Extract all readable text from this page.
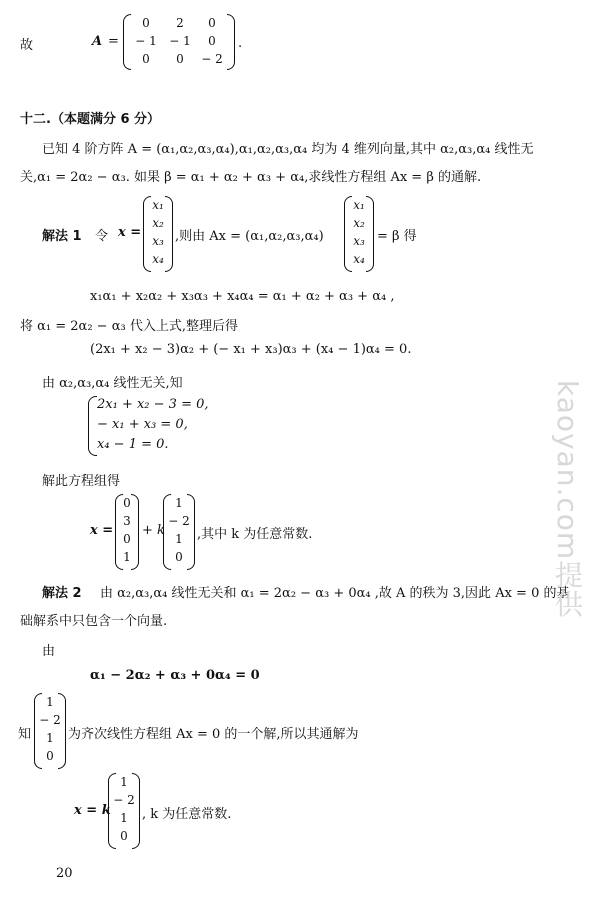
故	A =
0	2	0
− 1	− 1	0
0	0	− 2
.
十二.（本题满分 6 分）
已知 4 阶方阵 A = (α₁,α₂,α₃,α₄),α₁,α₂,α₃,α₄ 均为 4 维列向量,其中 α₂,α₃,α₄ 线性无
关,α₁ = 2α₂ − α₃. 如果 β = α₁ + α₂ + α₃ + α₄,求线性方程组 Ax = β 的通解.
解法 1 令 x =
x₁
x₂
x₃
x₄
,则由 Ax = (α₁,α₂,α₃,α₄)
x₁
x₂
x₃
x₄
= β 得
x₁α₁ + x₂α₂ + x₃α₃ + x₄α₄ = α₁ + α₂ + α₃ + α₄ ,
将 α₁ = 2α₂ − α₃ 代入上式,整理后得
(2x₁ + x₂ − 3)α₂ + (− x₁ + x₃)α₃ + (x₄ − 1)α₄ = 0.
由 α₂,α₃,α₄ 线性无关,知
2x₁ + x₂ − 3 = 0,
− x₁ + x₃ = 0,
x₄ − 1 = 0.
解此方程组得
x =
0
3
0
1
+ k
1
− 2
1
0
,其中 k 为任意常数.
解法 2 由 α₂,α₃,α₄ 线性无关和 α₁ = 2α₂ − α₃ + 0α₄ ,故 A 的秩为 3,因此 Ax = 0 的基
础解系中只包含一个向量.
由
α₁ − 2α₂ + α₃ + 0α₄ = 0
知
1
− 2
1
0
为齐次线性方程组 Ax = 0 的一个解,所以其通解为
x = k
1
− 2
1
0
, k 为任意常数.
20
kaoyan.com提供
